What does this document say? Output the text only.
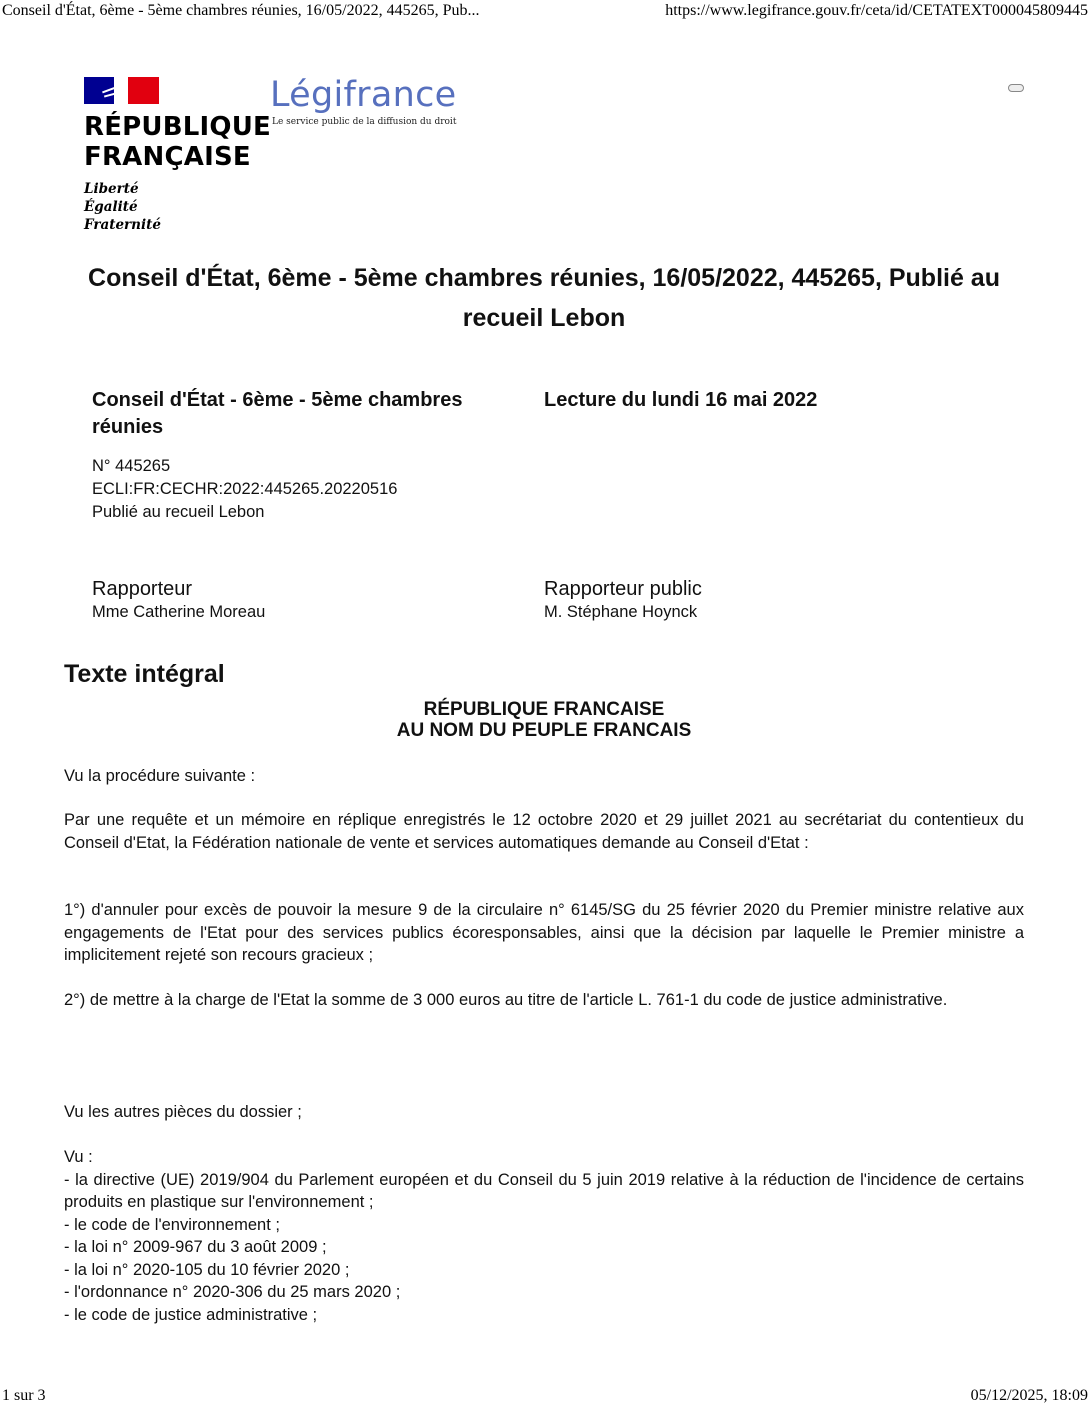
Conseil d'État, 6ème - 5ème chambres réunies, 16/05/2022, 445265, Pub...	https://www.legifrance.gouv.fr/ceta/id/CETATEXT000045809445
RÉPUBLIQUE
FRANÇAISE
Liberté
Égalité
Fraternité
Légifrance
Le service public de la diffusion du droit
Conseil d'État, 6ème - 5ème chambres réunies, 16/05/2022, 445265, Publié au recueil Lebon
Conseil d'État - 6ème - 5ème chambres réunies
N° 445265
ECLI:FR:CECHR:2022:445265.20220516
Publié au recueil Lebon
Lecture du lundi 16 mai 2022
Rapporteur
Mme Catherine Moreau
Rapporteur public
M. Stéphane Hoynck
Texte intégral
RÉPUBLIQUE FRANCAISE
AU NOM DU PEUPLE FRANCAIS

Vu la procédure suivante :

Par une requête et un mémoire en réplique enregistrés le 12 octobre 2020 et 29 juillet 2021 au secrétariat du contentieux du Conseil d'Etat, la Fédération nationale de vente et services automatiques demande au Conseil d'Etat :

1°) d'annuler pour excès de pouvoir la mesure 9 de la circulaire n° 6145/SG du 25 février 2020 du Premier ministre relative aux engagements de l'Etat pour des services publics écoresponsables, ainsi que la décision par laquelle le Premier ministre a implicitement rejeté son recours gracieux ;

2°) de mettre à la charge de l'Etat la somme de 3 000 euros au titre de l'article L. 761-1 du code de justice administrative.

Vu les autres pièces du dossier ;

Vu :
- la directive (UE) 2019/904 du Parlement européen et du Conseil du 5 juin 2019 relative à la réduction de l'incidence de certains produits en plastique sur l'environnement ;
- le code de l'environnement ;
- la loi n° 2009-967 du 3 août 2009 ;
- la loi n° 2020-105 du 10 février 2020 ;
- l'ordonnance n° 2020-306 du 25 mars 2020 ;
- le code de justice administrative ;
1 sur 3	05/12/2025, 18:09
